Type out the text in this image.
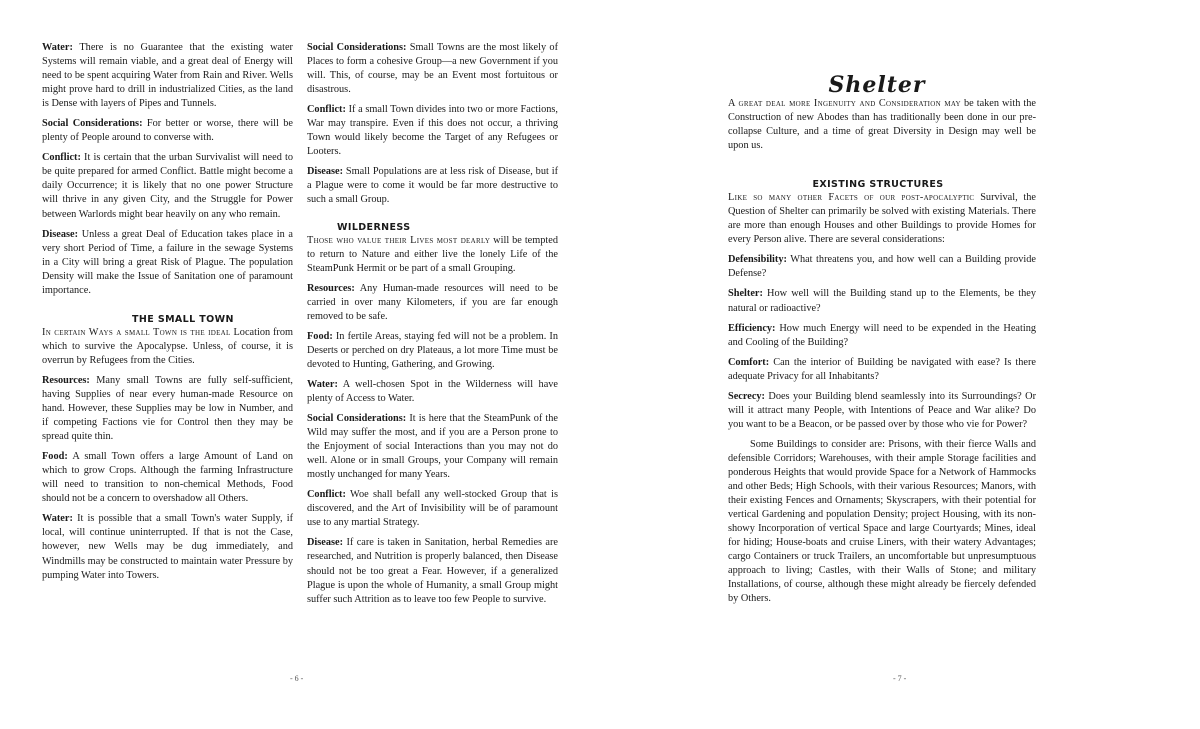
Water: There is no Guarantee that the existing water Systems will remain viable, and a great deal of Energy will need to be spent acquiring Water from Rain and River. Wells might prove hard to drill in industrialized Cities, as the land is Dense with layers of Pipes and Tunnels.

Social Considerations: For better or worse, there will be plenty of People around to converse with.

Conflict: It is certain that the urban Survivalist will need to be quite prepared for armed Conflict. Battle might become a daily Occurrence; it is likely that no one power Structure will thrive in any given City, and the Struggle for Power between Warlords might bear heavily on any who remain.

Disease: Unless a great Deal of Education takes place in a very short Period of Time, a failure in the sewage Systems in a City will bring a great Risk of Plague. The population Density will make the Issue of Sanitation one of paramount importance.

THE SMALL TOWN

In certain Ways a small Town is the ideal Location from which to survive the Apocalypse. Unless, of course, it is overrun by Refugees from the Cities.

Resources: Many small Towns are fully self-sufficient, having Supplies of near every human-made Resource on hand. However, these Supplies may be low in Number, and if competing Factions vie for Control then they may be spread quite thin.

Food: A small Town offers a large Amount of Land on which to grow Crops. Although the farming Infrastructure will need to transition to non-chemical Methods, Food should not be a concern to overshadow all Others.

Water: It is possible that a small Town's water Supply, if local, will continue uninterrupted. If that is not the Case, however, new Wells may be dug immediately, and Windmills may be constructed to maintain water Pressure by pumping Water into Towers.

Social Considerations: Small Towns are the most likely of Places to form a cohesive Group—a new Government if you will. This, of course, may be an Event most fortuitous or disastrous.

Conflict: If a small Town divides into two or more Factions, War may transpire. Even if this does not occur, a thriving Town would likely become the Target of any Refugees or Looters.

Disease: Small Populations are at less risk of Disease, but if a Plague were to come it would be far more destructive to such a small Group.

WILDERNESS

Those who value their Lives most dearly will be tempted to return to Nature and either live the lonely Life of the SteamPunk Hermit or be part of a small Grouping.

Resources: Any Human-made resources will need to be carried in over many Kilometers, if you are far enough removed to be safe.

Food: In fertile Areas, staying fed will not be a problem. In Deserts or perched on dry Plateaus, a lot more Time must be devoted to Hunting, Gathering, and Growing.

Water: A well-chosen Spot in the Wilderness will have plenty of Access to Water.

Social Considerations: It is here that the SteamPunk of the Wild may suffer the most, and if you are a Person prone to the Enjoyment of social Interactions than you may not do well. Alone or in small Groups, your Company will remain mostly unchanged for many Years.

Conflict: Woe shall befall any well-stocked Group that is discovered, and the Art of Invisibility will be of paramount use to any martial Strategy.

Disease: If care is taken in Sanitation, herbal Remedies are researched, and Nutrition is properly balanced, then Disease should not be too great a Fear. However, if a generalized Plague is upon the whole of Humanity, a small Group might suffer such Attrition as to leave too few People to survive.

- 6 -
Shelter

A great deal more Ingenuity and Consideration may be taken with the Construction of new Abodes than has traditionally been done in our pre-collapse Culture, and a time of great Diversity in Design may well be upon us.

EXISTING STRUCTURES

Like so many other Facets of our post-apocalyptic Survival, the Question of Shelter can primarily be solved with existing Materials. There are more than enough Houses and other Buildings to provide Homes for every Person alive. There are several considerations:

Defensibility: What threatens you, and how well can a Building provide Defense?

Shelter: How well will the Building stand up to the Elements, be they natural or radioactive?

Efficiency: How much Energy will need to be expended in the Heating and Cooling of the Building?

Comfort: Can the interior of Building be navigated with ease? Is there adequate Privacy for all Inhabitants?

Secrecy: Does your Building blend seamlessly into its Surroundings? Or will it attract many People, with Intentions of Peace and War alike? Do you want to be a Beacon, or be passed over by those who vie for Power?

Some Buildings to consider are: Prisons, with their fierce Walls and defensible Corridors; Warehouses, with their ample Storage facilities and ponderous Heights that would provide Space for a Network of Hammocks and other Beds; High Schools, with their various Resources; Manors, with their existing Fences and Ornaments; Skyscrapers, with their potential for vertical Gardening and population Density; project Housing, with its non-showy Incorporation of vertical Space and large Courtyards; Mines, ideal for hiding; House-boats and cruise Liners, with their watery Advantages; cargo Containers or truck Trailers, an uncomfortable but unpresumptuous approach to living; Castles, with their Walls of Stone; and military Installations, of course, although these might already be fiercely defended by Others.

- 7 -
